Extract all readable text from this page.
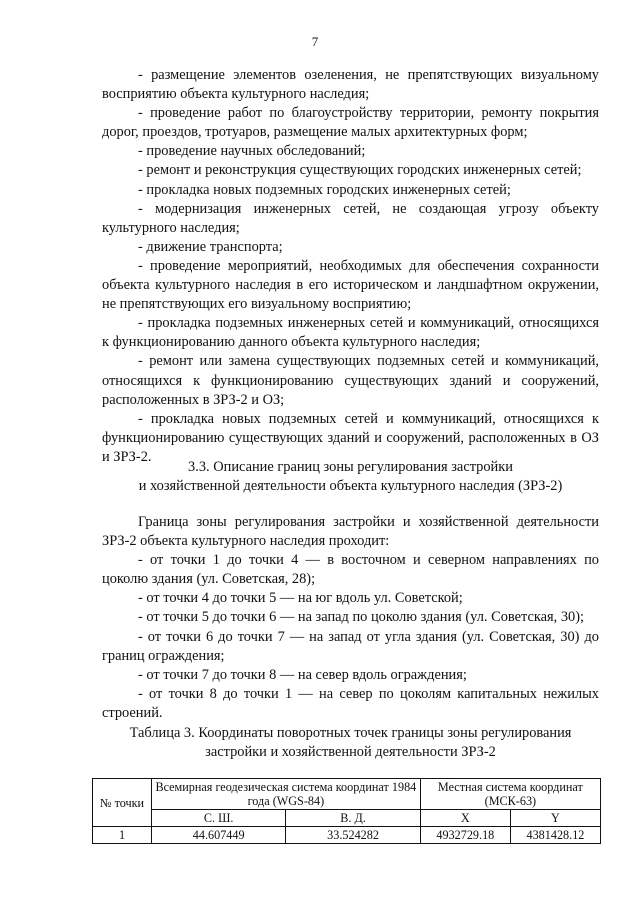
7

- размещение элементов озеленения, не препятствующих визуальному восприятию объекта культурного наследия;

- проведение работ по благоустройству территории, ремонту покрытия дорог, проездов, тротуаров, размещение малых архитектурных форм;

- проведение научных обследований;

- ремонт и реконструкция существующих городских инженерных сетей;

- прокладка новых подземных городских инженерных сетей;

- модернизация инженерных сетей, не создающая угрозу объекту культурного наследия;

- движение транспорта;

- проведение мероприятий, необходимых для обеспечения сохранности объекта культурного наследия в его историческом и ландшафтном окружении, не препятствующих его визуальному восприятию;

- прокладка подземных инженерных сетей и коммуникаций, относящихся к функционированию данного объекта культурного наследия;

- ремонт или замена существующих подземных сетей и коммуникаций, относящихся к функционированию существующих зданий и сооружений, расположенных в ЗРЗ-2 и ОЗ;

- прокладка новых подземных сетей и коммуникаций, относящихся к функционированию существующих зданий и сооружений, расположенных в ОЗ и ЗРЗ-2.

3.3. Описание границ зоны регулирования застройки
и хозяйственной деятельности объекта культурного наследия (ЗРЗ-2)

Граница зоны регулирования застройки и хозяйственной деятельности ЗРЗ-2 объекта культурного наследия проходит:

- от точки 1 до точки 4 — в восточном и северном направлениях по цоколю здания (ул. Советская, 28);

- от точки 4 до точки 5 — на юг вдоль ул. Советской;

- от точки 5 до точки 6 — на запад по цоколю здания (ул. Советская, 30);

- от точки 6 до точки 7 — на запад от угла здания (ул. Советская, 30) до границ ограждения;

- от точки 7 до точки 8 — на север вдоль ограждения;

- от точки 8 до точки 1 — на север по цоколям капитальных нежилых строений.

Таблица 3. Координаты поворотных точек границы зоны регулирования
застройки и хозяйственной деятельности ЗРЗ-2
№ точки	Всемирная геодезическая система координат 1984 года (WGS-84)		Местная система координат (МСК-63)	
	С. Ш.	В. Д.	X	Y
1	44.607449	33.524282	4932729.18	4381428.12
